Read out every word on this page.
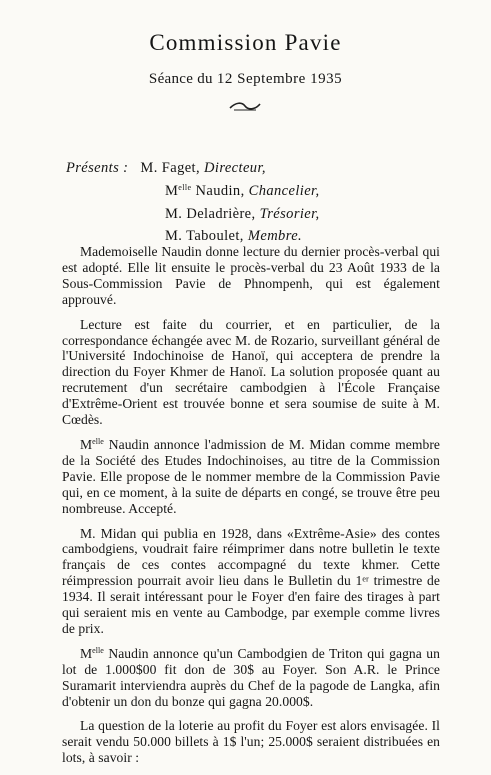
Commission Pavie
Séance du 12 Septembre 1935
Présents : M. Faget, Directeur,
$M^{elle}$ Naudin, Chancelier,
M. Deladrière, Trésorier,
M. Taboulet, Membre.

Mademoiselle Naudin donne lecture du dernier procès-verbal qui est adopté. Elle lit ensuite le procès-verbal du 23 Août 1933 de la Sous-Commission Pavie de Phnompenh, qui est également approuvé.

Lecture est faite du courrier, et en particulier, de la correspondance échangée avec M. de Rozario, surveillant général de l'Université Indochinoise de Hanoï, qui acceptera de prendre la direction du Foyer Khmer de Hanoï. La solution proposée quant au recrutement d'un secrétaire cambodgien à l'École Française d'Extrême-Orient est trouvée bonne et sera soumise de suite à M. Cœdès.

$M^{elle}$ Naudin annonce l'admission de M. Midan comme membre de la Société des Etudes Indochinoises, au titre de la Commission Pavie. Elle propose de le nommer membre de la Commission Pavie qui, en ce moment, à la suite de départs en congé, se trouve être peu nombreuse. Accepté.

M. Midan qui publia en 1928, dans «Extrême-Asie» des contes cambodgiens, voudrait faire réimprimer dans notre bulletin le texte français de ces contes accompagné du texte khmer. Cette réimpression pourrait avoir lieu dans le Bulletin du 1ᵉʳ trimestre de 1934. Il serait intéressant pour le Foyer d'en faire des tirages à part qui seraient mis en vente au Cambodge, par exemple comme livres de prix.

$M^{elle}$ Naudin annonce qu'un Cambodgien de Triton qui gagna un lot de 1.000$00 fit don de 30$ au Foyer. Son A.R. le Prince Suramarit interviendra auprès du Chef de la pagode de Langka, afin d'obtenir un don du bonze qui gagna 20.000$.

La question de la loterie au profit du Foyer est alors envisagée. Il serait vendu 50.000 billets à 1$ l'un; 25.000$ seraient distribuées en lots, à savoir :
